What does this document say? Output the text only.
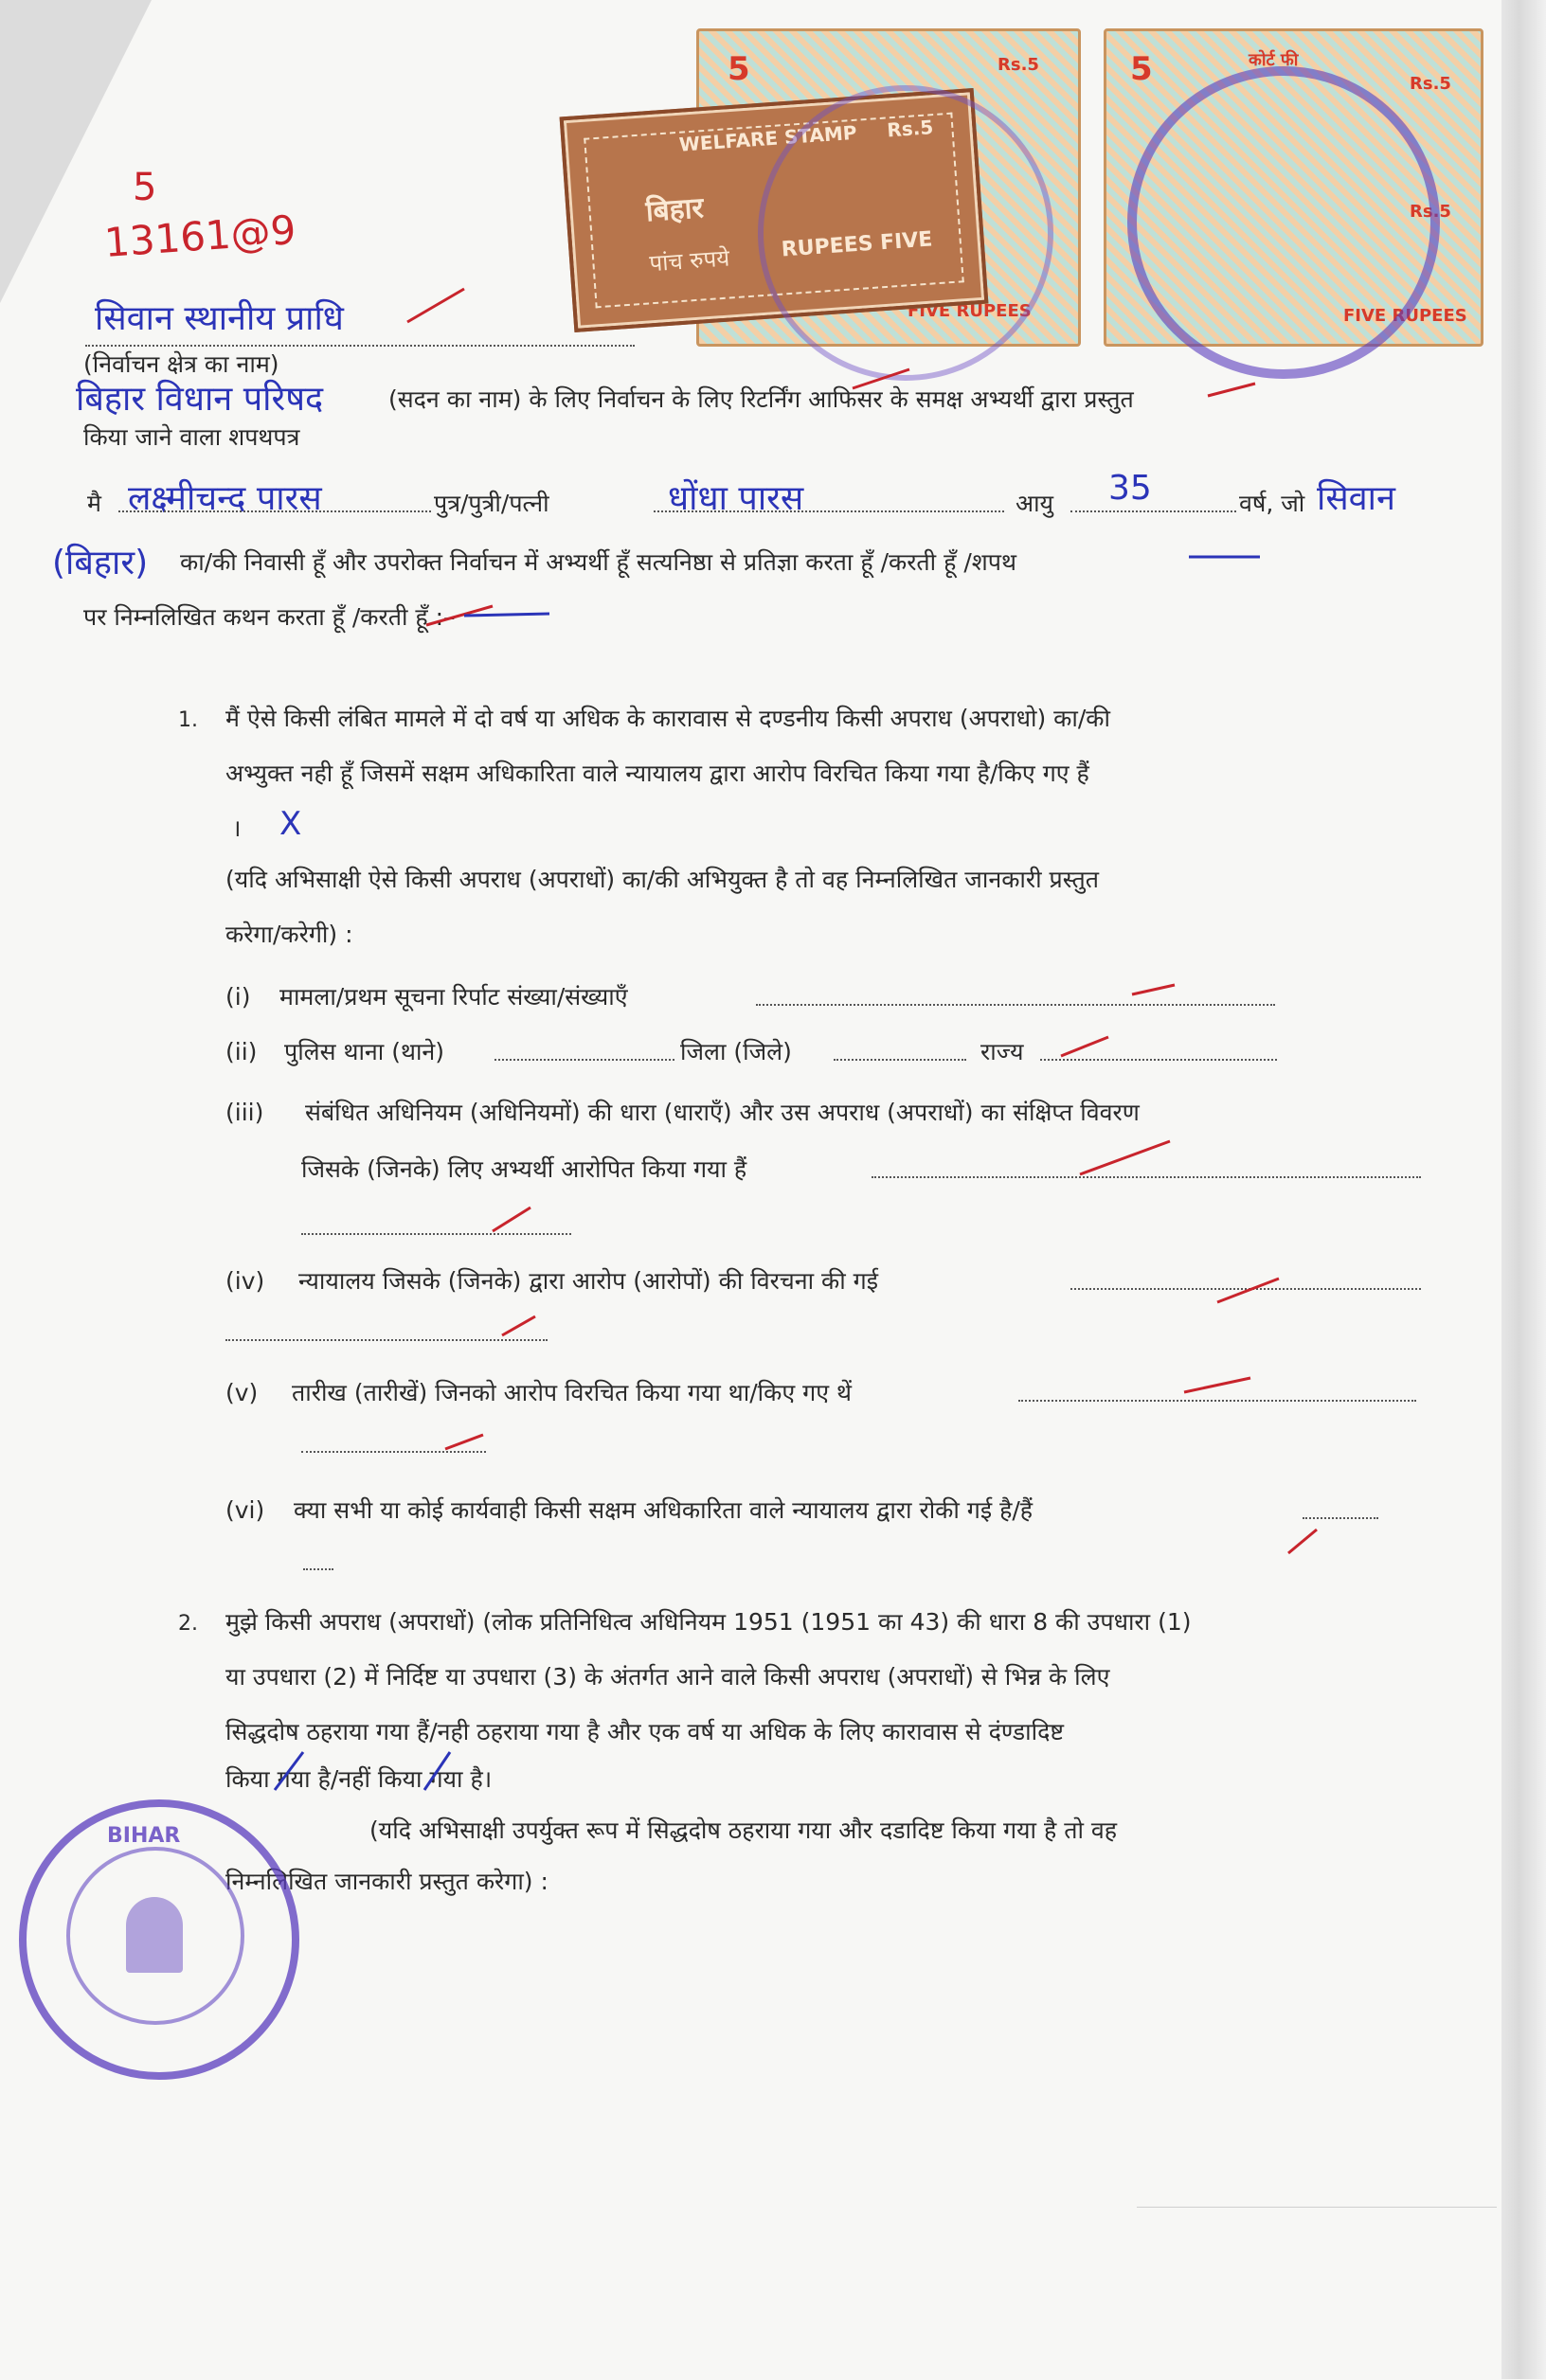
5	Rs.5
FIVE RUPEES
5	कोर्ट फी
Rs.5
Rs.5
FIVE RUPEES
WELFARE STAMP Rs.5
बिहार
पांच रुपये RUPEES FIVE
5
13161@9
सिवान स्थानीय प्राधि
(निर्वाचन क्षेत्र का नाम)
बिहार विधान परिषद	(सदन का नाम) के लिए निर्वाचन के लिए रिटर्निंग आफिसर के समक्ष अभ्यर्थी द्वारा प्रस्तुत
किया जाने वाला शपथपत्र
मै लक्ष्मीचन्द पारस	पुत्र/पुत्री/पत्नी	धोंधा पारस	आयु 35	वर्ष, जो सिवान
(बिहार) का/की निवासी हूँ और उपरोक्त निर्वाचन में अभ्यर्थी हूँ सत्यनिष्ठा से प्रतिज्ञा करता हूँ /करती हूँ /शपथ
पर निम्नलिखित कथन करता हूँ /करती हूँ :–
1. मैं ऐसे किसी लंबित मामले में दो वर्ष या अधिक के कारावास से दण्डनीय किसी अपराध (अपराधो) का/की
अभ्युक्त नही हूँ जिसमें सक्षम अधिकारिता वाले न्यायालय द्वारा आरोप विरचित किया गया है/किए गए हैं
। X
(यदि अभिसाक्षी ऐसे किसी अपराध (अपराधों) का/की अभियुक्त है तो वह निम्नलिखित जानकारी प्रस्तुत
करेगा/करेगी) :
(i) मामला/प्रथम सूचना रिर्पाट संख्या/संख्याएँ
(ii) पुलिस थाना (थाने)	जिला (जिले)	राज्य
(iii) संबंधित अधिनियम (अधिनियमों) की धारा (धाराएँ) और उस अपराध (अपराधों) का संक्षिप्त विवरण
जिसके (जिनके) लिए अभ्यर्थी आरोपित किया गया हैं
(iv) न्यायालय जिसके (जिनके) द्वारा आरोप (आरोपों) की विरचना की गई
(v) तारीख (तारीखें) जिनको आरोप विरचित किया गया था/किए गए थें
(vi) क्या सभी या कोई कार्यवाही किसी सक्षम अधिकारिता वाले न्यायालय द्वारा रोकी गई है/हैं
2. मुझे किसी अपराध (अपराधों) (लोक प्रतिनिधित्व अधिनियम 1951 (1951 का 43) की धारा 8 की उपधारा (1)
या उपधारा (2) में निर्दिष्ट या उपधारा (3) के अंतर्गत आने वाले किसी अपराध (अपराधों) से भिन्न के लिए
सिद्धदोष ठहराया गया हैं/नही ठहराया गया है और एक वर्ष या अधिक के लिए कारावास से दंण्डादिष्ट
किया गया है/नहीं किया गया है।
(यदि अभिसाक्षी उपर्युक्त रूप में सिद्धदोष ठहराया गया और दडादिष्ट किया गया है तो वह
निम्नलिखित जानकारी प्रस्तुत करेगा) :
BIHAR
